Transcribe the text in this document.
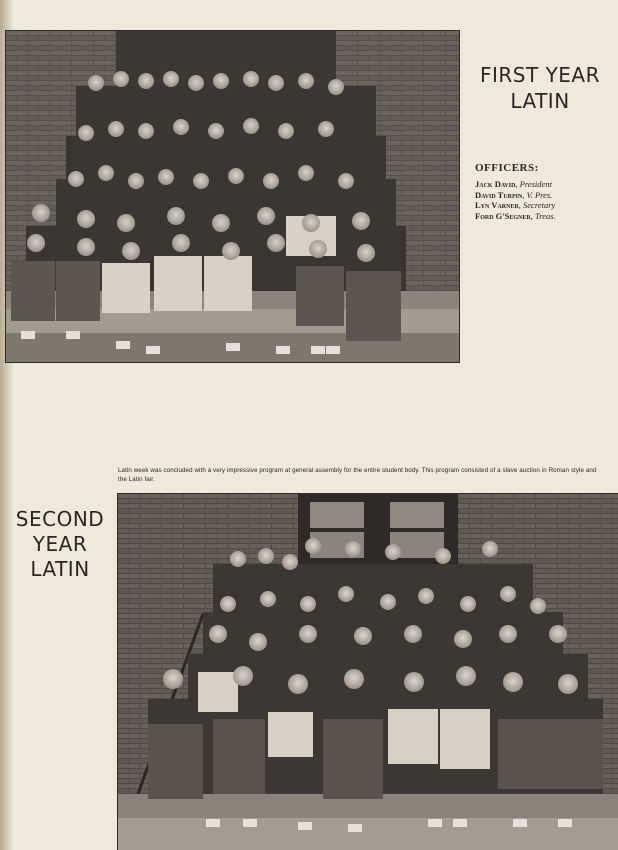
FIRST YEAR
LATIN
OFFICERS:
Jack David, President
David Turpin, V. Pres.
Lyn Varner, Secretary
Ford G'Segner, Treas.
Latin week was concluded with a very impressive program at general assembly for the entire student body. This program consisted of a slave auction in Roman style and the Latin fair.
SECOND
YEAR
LATIN
